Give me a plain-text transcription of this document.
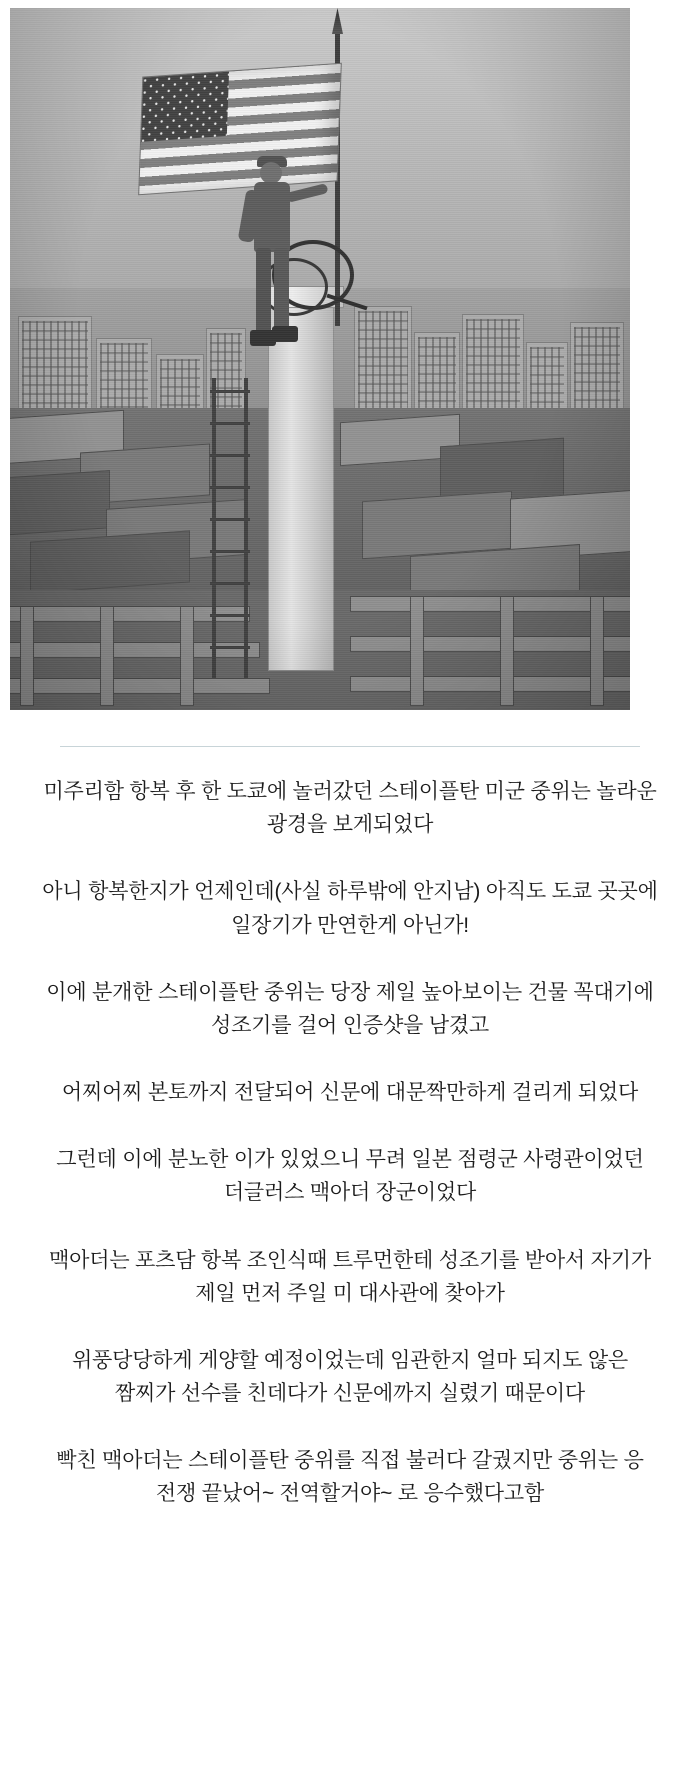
미주리함 항복 후 한 도쿄에 놀러갔던 스테이플탄 미군 중위는 놀라운 광경을 보게되었다

아니 항복한지가 언제인데(사실 하루밖에 안지남) 아직도 도쿄 곳곳에 일장기가 만연한게 아닌가!

이에 분개한 스테이플탄 중위는 당장 제일 높아보이는 건물 꼭대기에 성조기를 걸어 인증샷을 남겼고

어찌어찌 본토까지 전달되어 신문에 대문짝만하게 걸리게 되었다

그런데 이에 분노한 이가 있었으니 무려 일본 점령군 사령관이었던 더글러스 맥아더 장군이었다

맥아더는 포츠담 항복 조인식때 트루먼한테 성조기를 받아서 자기가 제일 먼저 주일 미 대사관에 찾아가

위풍당당하게 게양할 예정이었는데 임관한지 얼마 되지도 않은 짬찌가 선수를 친데다가 신문에까지 실렸기 때문이다

빡친 맥아더는 스테이플탄 중위를 직접 불러다 갈궜지만 중위는 응 전쟁 끝났어~ 전역할거야~ 로 응수했다고함
